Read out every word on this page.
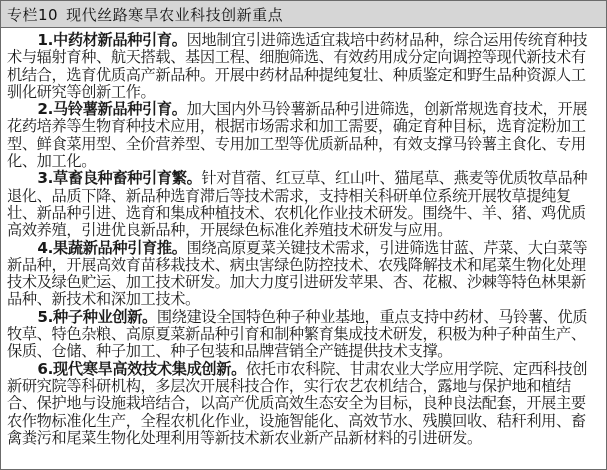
专栏10 现代丝路寒旱农业科技创新重点

1.中药材新品种引育。因地制宜引进筛选适宜栽培中药材品种，综合运用传统育种技术与辐射育种、航天搭载、基因工程、细胞筛选、有效药用成分定向调控等现代新技术有机结合，选育优质高产新品种。开展中药材品种提纯复壮、种质鉴定和野生品种资源人工驯化研究等创新工作。

2.马铃薯新品种引育。加大国内外马铃薯新品种引进筛选，创新常规选育技术，开展花药培养等生物育种技术应用，根据市场需求和加工需要，确定育种目标，选育淀粉加工型、鲜食菜用型、全价营养型、专用加工型等优质新品种，有效支撑马铃薯主食化、专用化、加工化。

3.草畜良种畜种引育繁。针对苜蓿、红豆草、红山叶、猫尾草、燕麦等优质牧草品种退化、品质下降、新品种选育滞后等技术需求，支持相关科研单位系统开展牧草提纯复壮、新品种引进、选育和集成种植技术、农机化作业技术研发。围绕牛、羊、猪、鸡优质高效养殖，引进优良新品种，开展绿色标准化养殖技术研发与应用。

4.果蔬新品种引育推。围绕高原夏菜关键技术需求，引进筛选甘蓝、芹菜、大白菜等新品种，开展高效育苗移栽技术、病虫害绿色防控技术、农残降解技术和尾菜生物化处理技术及绿色贮运、加工技术研发。加大力度引进研发苹果、杏、花椒、沙棘等特色林果新品种、新技术和深加工技术。

5.种子种业创新。围绕建设全国特色种子种业基地，重点支持中药材、马铃薯、优质牧草、特色杂粮、高原夏菜新品种引育和制种繁育集成技术研发，积极为种子种苗生产、保质、仓储、种子加工、种子包装和品牌营销全产链提供技术支撑。

6.现代寒旱高效技术集成创新。依托市农科院、甘肃农业大学应用学院、定西科技创新研究院等科研机构，多层次开展科技合作，实行农艺农机结合，露地与保护地和植结合、保护地与设施栽培结合，以高产优质高效生态安全为目标，良种良法配套，开展主要农作物标准化生产，全程农机化作业，设施智能化、高效节水、残膜回收、秸秆利用、畜禽粪污和尾菜生物化处理利用等新技术新农业新产品新材料的引进研发。
